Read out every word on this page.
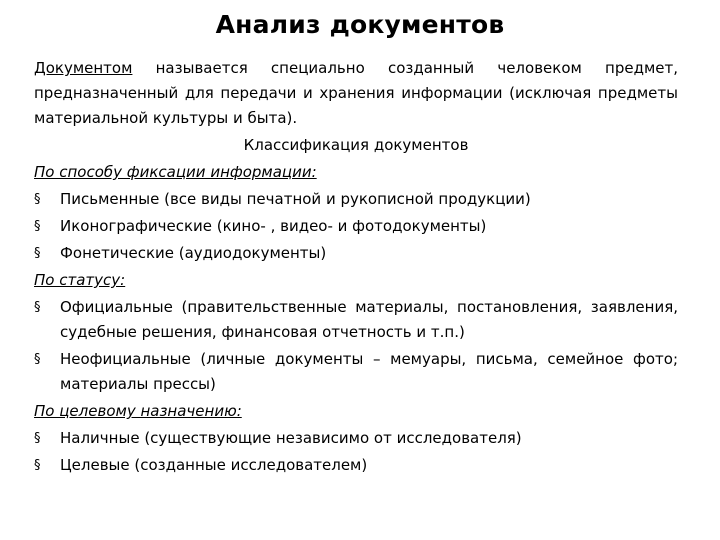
Анализ документов
Документом называется специально созданный человеком предмет, предназначенный для передачи и хранения информации (исключая предметы материальной культуры и быта).
Классификация документов
По способу фиксации информации:
§ Письменные (все виды печатной и рукописной продукции)
§ Иконографические (кино- , видео- и фотодокументы)
§ Фонетические (аудиодокументы)
По статусу:
§ Официальные (правительственные материалы, постановления, заявления, судебные решения, финансовая отчетность и т.п.)
§ Неофициальные (личные документы – мемуары, письма, семейное фото; материалы прессы)
По целевому назначению:
§ Наличные (существующие независимо от исследователя)
§ Целевые (созданные исследователем)
